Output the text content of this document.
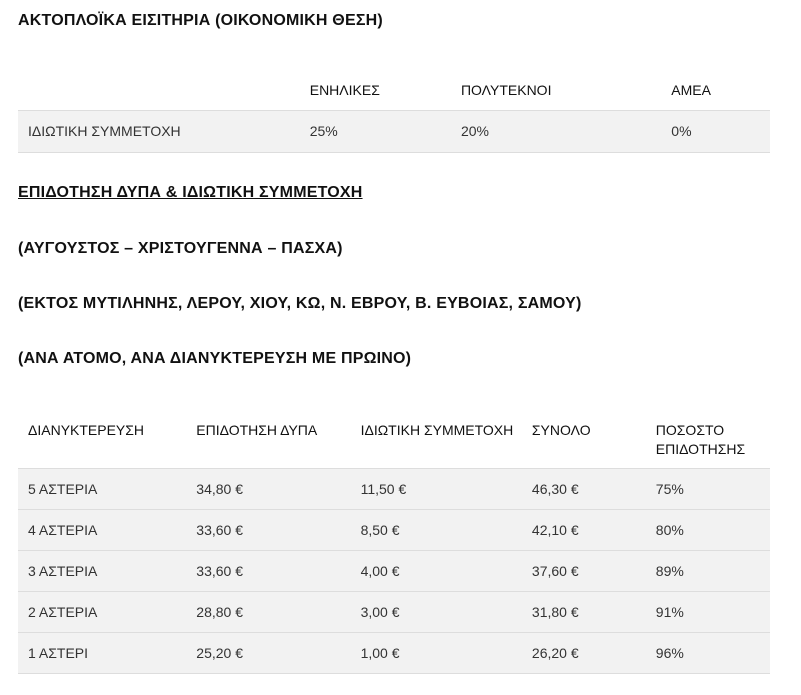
ΑΚΤΟΠΛΟΪΚΑ ΕΙΣΙΤΗΡΙΑ (ΟΙΚΟΝΟΜΙΚΗ ΘΕΣΗ)
	ΕΝΗΛΙΚΕΣ	ΠΟΛΥΤΕΚΝΟΙ	ΑΜΕΑ
ΙΔΙΩΤΙΚΗ ΣΥΜΜΕΤΟΧΗ	25%	20%	0%
ΕΠΙΔΟΤΗΣΗ ΔΥΠΑ & ΙΔΙΩΤΙΚΗ ΣΥΜΜΕΤΟΧΗ
(ΑΥΓΟΥΣΤΟΣ – ΧΡΙΣΤΟΥΓΕΝΝΑ – ΠΑΣΧΑ)
(ΕΚΤΟΣ ΜΥΤΙΛΗΝΗΣ, ΛΕΡΟΥ, ΧΙΟΥ, ΚΩ, Ν. ΕΒΡΟΥ, Β. ΕΥΒΟΙΑΣ, ΣΑΜΟΥ)
(ΑΝΑ ΑΤΟΜΟ, ΑΝΑ ΔΙΑΝΥΚΤΕΡΕΥΣΗ ΜΕ ΠΡΩΙΝΟ)
ΔΙΑΝΥΚΤΕΡΕΥΣΗ	ΕΠΙΔΟΤΗΣΗ ΔΥΠΑ	ΙΔΙΩΤΙΚΗ ΣΥΜΜΕΤΟΧΗ	ΣΥΝΟΛΟ	ΠΟΣΟΣΤΟ ΕΠΙΔΟΤΗΣΗΣ
5 ΑΣΤΕΡΙΑ	34,80 €	11,50 €	46,30 €	75%
4 ΑΣΤΕΡΙΑ	33,60 €	8,50 €	42,10 €	80%
3 ΑΣΤΕΡΙΑ	33,60 €	4,00 €	37,60 €	89%
2 ΑΣΤΕΡΙΑ	28,80 €	3,00 €	31,80 €	91%
1 ΑΣΤΕΡΙ	25,20 €	1,00 €	26,20 €	96%
